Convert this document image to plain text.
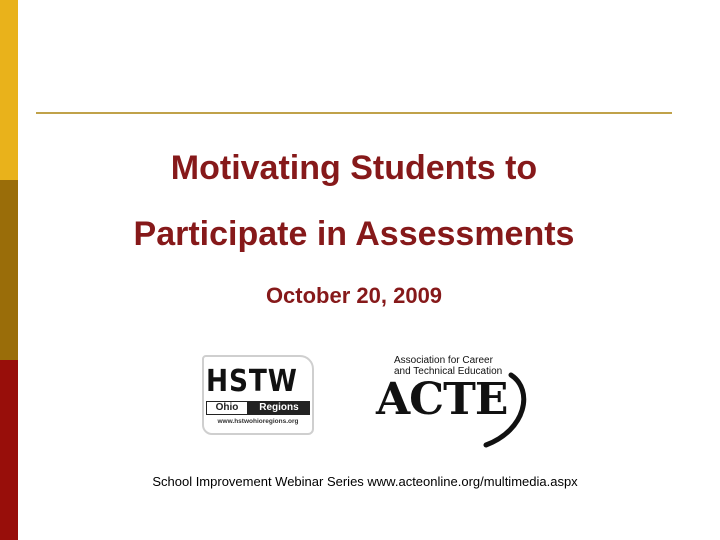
Motivating Students to
Participate in Assessments
October 20, 2009
HSTW
Ohio	Regions
www.hstwohioregions.org
Association for Career
and Technical Education
ACTE
School Improvement Webinar Series www.acteonline.org/multimedia.aspx
